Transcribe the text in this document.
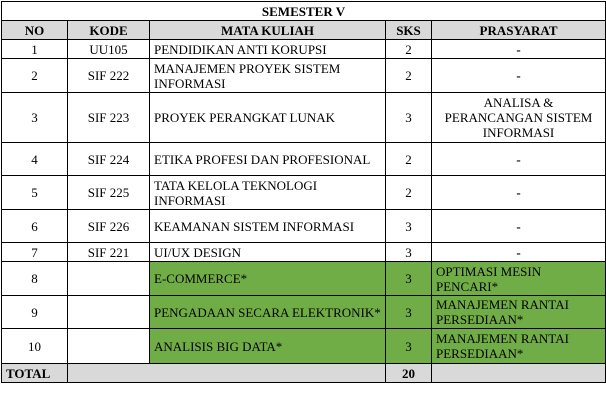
SEMESTER V				
NO	KODE	MATA KULIAH	SKS	PRASYARAT
1	UU105	PENDIDIKAN ANTI KORUPSI	2	-
2	SIF 222	MANAJEMEN PROYEK SISTEM INFORMASI	2	-
3	SIF 223	PROYEK PERANGKAT LUNAK	3	ANALISA & PERANCANGAN SISTEM INFORMASI
4	SIF 224	ETIKA PROFESI DAN PROFESIONAL	2	-
5	SIF 225	TATA KELOLA TEKNOLOGI INFORMASI	2	-
6	SIF 226	KEAMANAN SISTEM INFORMASI	3	-
7	SIF 221	UI/UX DESIGN	3	-
8		E-COMMERCE*	3	OPTIMASI MESIN PENCARI*
9		PENGADAAN SECARA ELEKTRONIK*	3	MANAJEMEN RANTAI PERSEDIAAN*
10		ANALISIS BIG DATA*	3	MANAJEMEN RANTAI PERSEDIAAN*
TOTAL			20	
